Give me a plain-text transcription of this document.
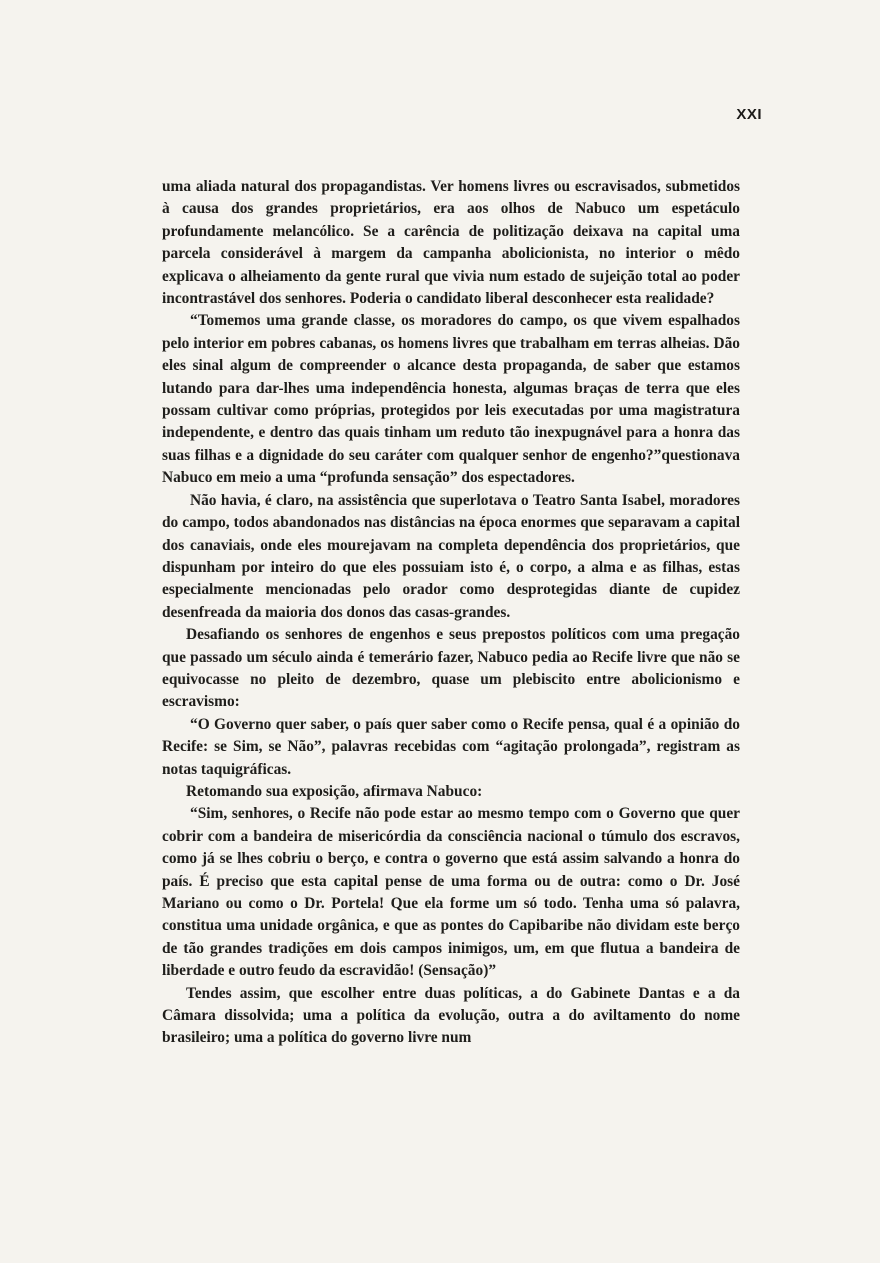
XXI

uma aliada natural dos propagandistas. Ver homens livres ou escravisados, submetidos à causa dos grandes proprietários, era aos olhos de Nabuco um espetáculo profundamente melancólico. Se a carência de politização deixava na capital uma parcela considerável à margem da campanha abolicionista, no interior o mêdo explicava o alheiamento da gente rural que vivia num estado de sujeição total ao poder incontrastável dos senhores. Poderia o candidato liberal desconhecer esta realidade?

“Tomemos uma grande classe, os moradores do campo, os que vivem espalhados pelo interior em pobres cabanas, os homens livres que trabalham em terras alheias. Dão eles sinal algum de compreender o alcance desta propaganda, de saber que estamos lutando para dar-lhes uma independência honesta, algumas braças de terra que eles possam cultivar como próprias, protegidos por leis executadas por uma magistratura independente, e dentro das quais tinham um reduto tão inexpugnável para a honra das suas filhas e a dignidade do seu caráter com qualquer senhor de engenho?”questionava Nabuco em meio a uma “profunda sensação” dos espectadores.

Não havia, é claro, na assistência que superlotava o Teatro Santa Isabel, moradores do campo, todos abandonados nas distâncias na época enormes que separavam a capital dos canaviais, onde eles mourejavam na completa dependência dos proprietários, que dispunham por inteiro do que eles possuiam isto é, o corpo, a alma e as filhas, estas especialmente mencionadas pelo orador como desprotegidas diante de cupidez desenfreada da maioria dos donos das casas-grandes.

Desafiando os senhores de engenhos e seus prepostos políticos com uma pregação que passado um século ainda é temerário fazer, Nabuco pedia ao Recife livre que não se equivocasse no pleito de dezembro, quase um plebiscito entre abolicionismo e escravismo:

“O Governo quer saber, o país quer saber como o Recife pensa, qual é a opinião do Recife: se Sim, se Não”, palavras recebidas com “agitação prolongada”, registram as notas taquigráficas.

Retomando sua exposição, afirmava Nabuco:

“Sim, senhores, o Recife não pode estar ao mesmo tempo com o Governo que quer cobrir com a bandeira de misericórdia da consciência nacional o túmulo dos escravos, como já se lhes cobriu o berço, e contra o governo que está assim salvando a honra do país. É preciso que esta capital pense de uma forma ou de outra: como o Dr. José Mariano ou como o Dr. Portela! Que ela forme um só todo. Tenha uma só palavra, constitua uma unidade orgânica, e que as pontes do Capibaribe não dividam este berço de tão grandes tradições em dois campos inimigos, um, em que flutua a bandeira de liberdade e outro feudo da escravidão! (Sensação)”

Tendes assim, que escolher entre duas políticas, a do Gabinete Dantas e a da Câmara dissolvida; uma a política da evolução, outra a do aviltamento do nome brasileiro; uma a política do governo livre num
